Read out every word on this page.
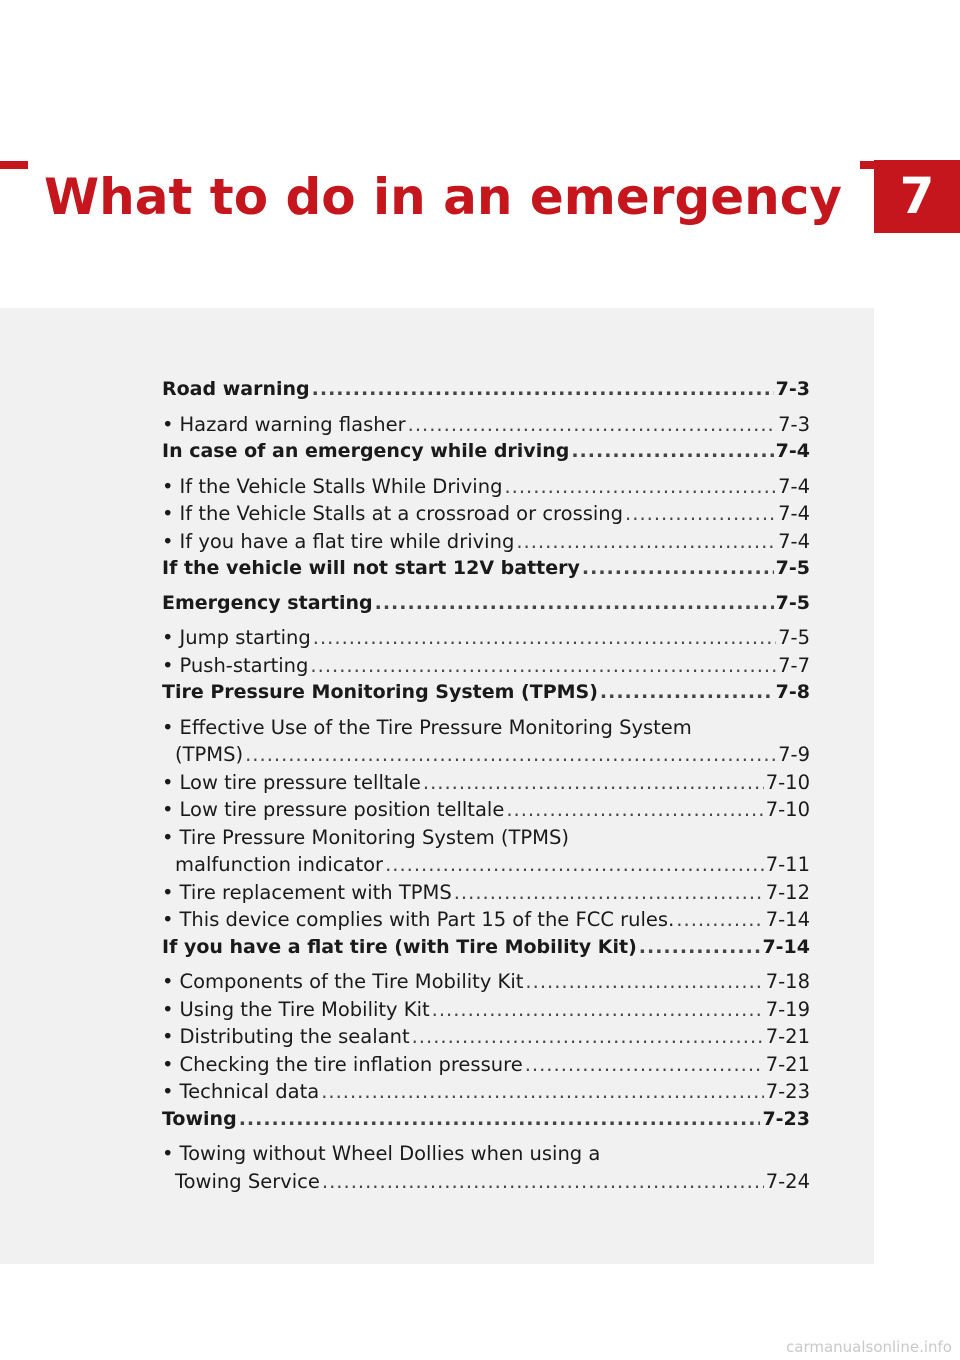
What to do in an emergency	7
Road warning .....	7-3
• Hazard warning flasher .....	7-3
In case of an emergency while driving .....	7-4
• If the Vehicle Stalls While Driving .....	7-4
• If the Vehicle Stalls at a crossroad or crossing .....	7-4
• If you have a flat tire while driving .....	7-4
If the vehicle will not start 12V battery .....	7-5
Emergency starting .....	7-5
• Jump starting .....	7-5
• Push-starting .....	7-7
Tire Pressure Monitoring System (TPMS) .....	7-8
• Effective Use of the Tire Pressure Monitoring System
(TPMS) .....	7-9
• Low tire pressure telltale .....	7-10
• Low tire pressure position telltale .....	7-10
• Tire Pressure Monitoring System (TPMS)
malfunction indicator .....	7-11
• Tire replacement with TPMS .....	7-12
• This device complies with Part 15 of the FCC rules. .....	7-14
If you have a flat tire (with Tire Mobility Kit) .....	7-14
• Components of the Tire Mobility Kit .....	7-18
• Using the Tire Mobility Kit .....	7-19
• Distributing the sealant .....	7-21
• Checking the tire inflation pressure .....	7-21
• Technical data .....	7-23
Towing .....	7-23
• Towing without Wheel Dollies when using a
Towing Service .....	7-24
carmanualsonline.info
